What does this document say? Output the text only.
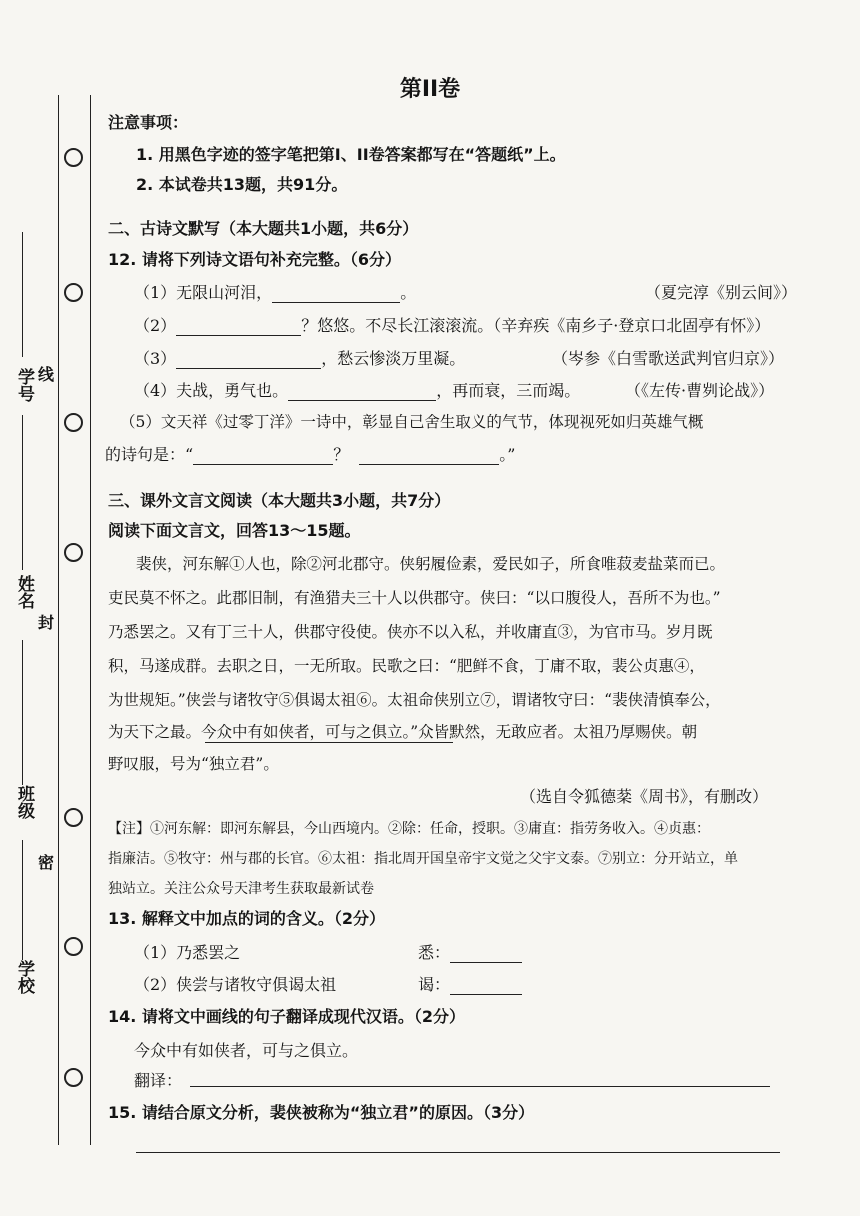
第II卷
学号
姓名
班级
学校
线
封
密
注意事项：
1. 用黑色字迹的签字笔把第I、II卷答案都写在“答题纸”上。
2. 本试卷共13题，共91分。
二、古诗文默写（本大题共1小题，共6分）
12. 请将下列诗文语句补充完整。（6分）
（1）无限山河泪，	。	（夏完淳《别云间》）
（2）	？悠悠。不尽长江滚滚流。（辛弃疾《南乡子·登京口北固亭有怀》）
（3）	，愁云惨淡万里凝。	（岑参《白雪歌送武判官归京》）
（4）夫战，勇气也。	，再而衰，三而竭。	（《左传·曹刿论战》）
（5）文天祥《过零丁洋》一诗中，彰显自己舍生取义的气节，体现视死如归英雄气概
的诗句是：“	？	。”
三、课外文言文阅读（本大题共3小题，共7分）
阅读下面文言文，回答13～15题。
裴侠，河东解①人也，除②河北郡守。侠躬履俭素，爱民如子，所食唯菽麦盐菜而已。
吏民莫不怀之。此郡旧制，有渔猎夫三十人以供郡守。侠曰：“以口腹役人，吾所不为也。”
乃悉罢之。又有丁三十人，供郡守役使。侠亦不以入私，并收庸直③，为官市马。岁月既
积，马遂成群。去职之日，一无所取。民歌之曰：“肥鲜不食，丁庸不取，裴公贞惠④，
为世规矩。”侠尝与诸牧守⑤俱谒太祖⑥。太祖命侠别立⑦，谓诸牧守曰：“裴侠清慎奉公，
为天下之最。今众中有如侠者，可与之俱立。”众皆默然，无敢应者。太祖乃厚赐侠。朝
野叹服，号为“独立君”。
（选自令狐德棻《周书》，有删改）
【注】①河东解：即河东解县，今山西境内。②除：任命，授职。③庸直：指劳务收入。④贞惠：
指廉洁。⑤牧守：州与郡的长官。⑥太祖：指北周开国皇帝宇文觉之父宇文泰。⑦别立：分开站立，单
独站立。关注公众号天津考生获取最新试卷
13. 解释文中加点的词的含义。（2分）
（1）乃悉罢之	悉：
（2）侠尝与诸牧守俱谒太祖	谒：
14. 请将文中画线的句子翻译成现代汉语。（2分）
今众中有如侠者，可与之俱立。
翻译：
15. 请结合原文分析，裴侠被称为“独立君”的原因。（3分）
